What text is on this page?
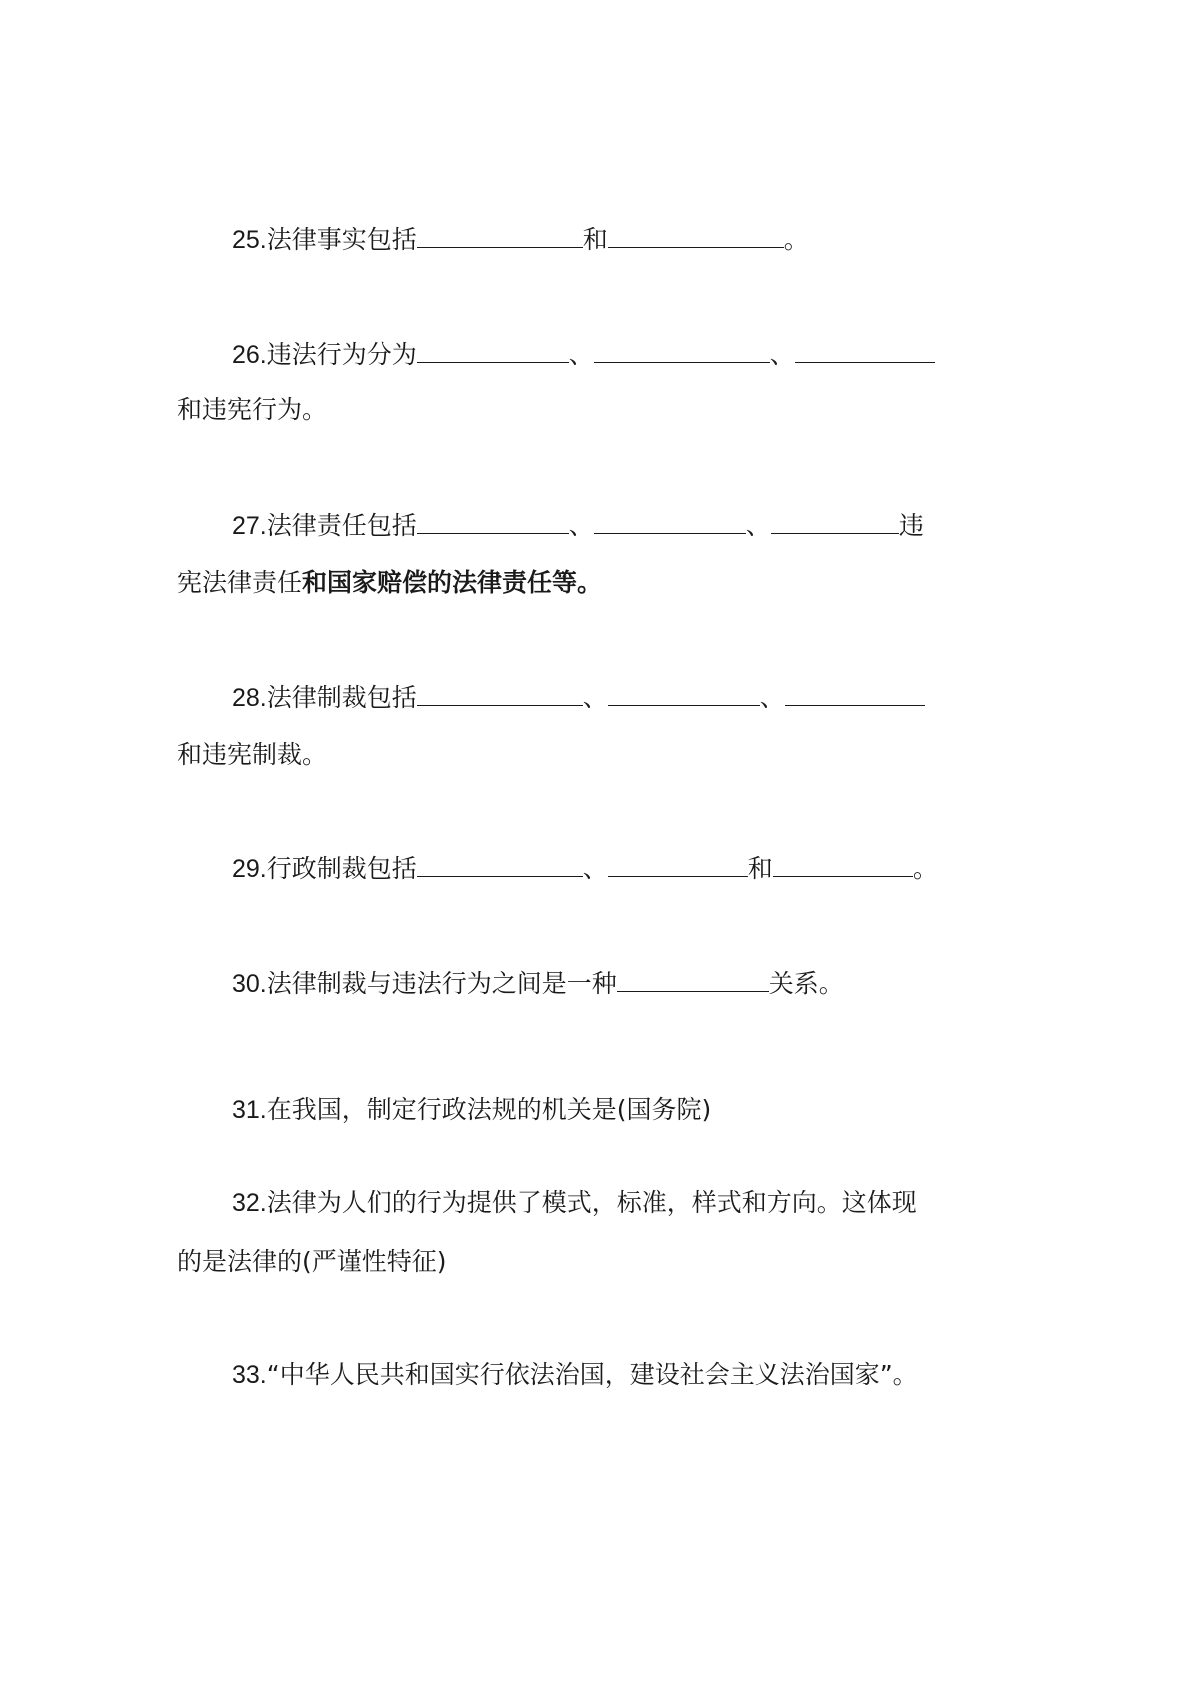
25.法律事实包括	和	。
26.违法行为分为	、	、
和违宪行为。
27.法律责任包括	、	、	违
宪法律责任和国家赔偿的法律责任等。
28.法律制裁包括	、	、
和违宪制裁。
29.行政制裁包括	、	和	。
30.法律制裁与违法行为之间是一种	关系。
31.在我国，制定行政法规的机关是(国务院)
32.法律为人们的行为提供了模式，标准，样式和方向。这体现
的是法律的(严谨性特征)
33.“中华人民共和国实行依法治国，建设社会主义法治国家”。
